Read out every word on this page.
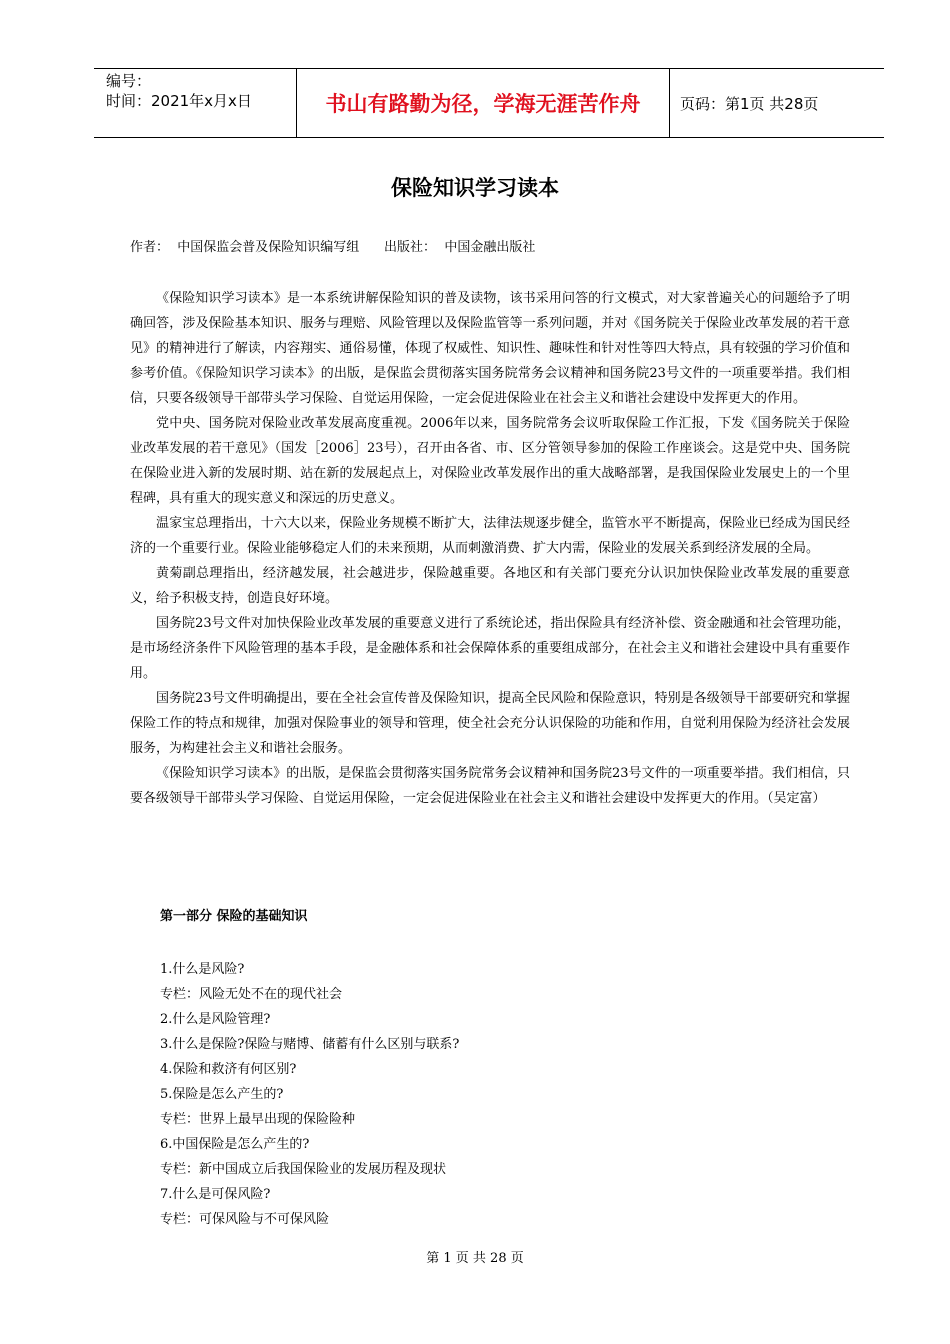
编号：
时间：2021年x月x日	书山有路勤为径，学海无涯苦作舟	页码：第1页 共28页
保险知识学习读本
作者：  中国保监会普及保险知识编写组      出版社：  中国金融出版社

《保险知识学习读本》是一本系统讲解保险知识的普及读物，该书采用问答的行文模式，对大家普遍关心的问题给予了明确回答，涉及保险基本知识、服务与理赔、风险管理以及保险监管等一系列问题，并对《国务院关于保险业改革发展的若干意见》的精神进行了解读，内容翔实、通俗易懂，体现了权威性、知识性、趣味性和针对性等四大特点，具有较强的学习价值和参考价值。《保险知识学习读本》的出版，是保监会贯彻落实国务院常务会议精神和国务院23号文件的一项重要举措。我们相信，只要各级领导干部带头学习保险、自觉运用保险，一定会促进保险业在社会主义和谐社会建设中发挥更大的作用。

党中央、国务院对保险业改革发展高度重视。2006年以来，国务院常务会议听取保险工作汇报，下发《国务院关于保险业改革发展的若干意见》（国发［2006］23号），召开由各省、市、区分管领导参加的保险工作座谈会。这是党中央、国务院在保险业进入新的发展时期、站在新的发展起点上，对保险业改革发展作出的重大战略部署，是我国保险业发展史上的一个里程碑，具有重大的现实意义和深远的历史意义。

温家宝总理指出，十六大以来，保险业务规模不断扩大，法律法规逐步健全，监管水平不断提高，保险业已经成为国民经济的一个重要行业。保险业能够稳定人们的未来预期，从而刺激消费、扩大内需，保险业的发展关系到经济发展的全局。

黄菊副总理指出，经济越发展，社会越进步，保险越重要。各地区和有关部门要充分认识加快保险业改革发展的重要意义，给予积极支持，创造良好环境。

国务院23号文件对加快保险业改革发展的重要意义进行了系统论述，指出保险具有经济补偿、资金融通和社会管理功能，是市场经济条件下风险管理的基本手段，是金融体系和社会保障体系的重要组成部分，在社会主义和谐社会建设中具有重要作用。

国务院23号文件明确提出，要在全社会宣传普及保险知识，提高全民风险和保险意识，特别是各级领导干部要研究和掌握保险工作的特点和规律，加强对保险事业的领导和管理，使全社会充分认识保险的功能和作用，自觉利用保险为经济社会发展服务，为构建社会主义和谐社会服务。

《保险知识学习读本》的出版，是保监会贯彻落实国务院常务会议精神和国务院23号文件的一项重要举措。我们相信，只要各级领导干部带头学习保险、自觉运用保险，一定会促进保险业在社会主义和谐社会建设中发挥更大的作用。（吴定富）

第一部分 保险的基础知识
1.什么是风险?
专栏：风险无处不在的现代社会
2.什么是风险管理?
3.什么是保险?保险与赌博、储蓄有什么区别与联系?
4.保险和救济有何区别?
5.保险是怎么产生的?
专栏：世界上最早出现的保险险种
6.中国保险是怎么产生的?
专栏：新中国成立后我国保险业的发展历程及现状
7.什么是可保风险?
专栏：可保风险与不可保风险
第 1 页 共 28 页
